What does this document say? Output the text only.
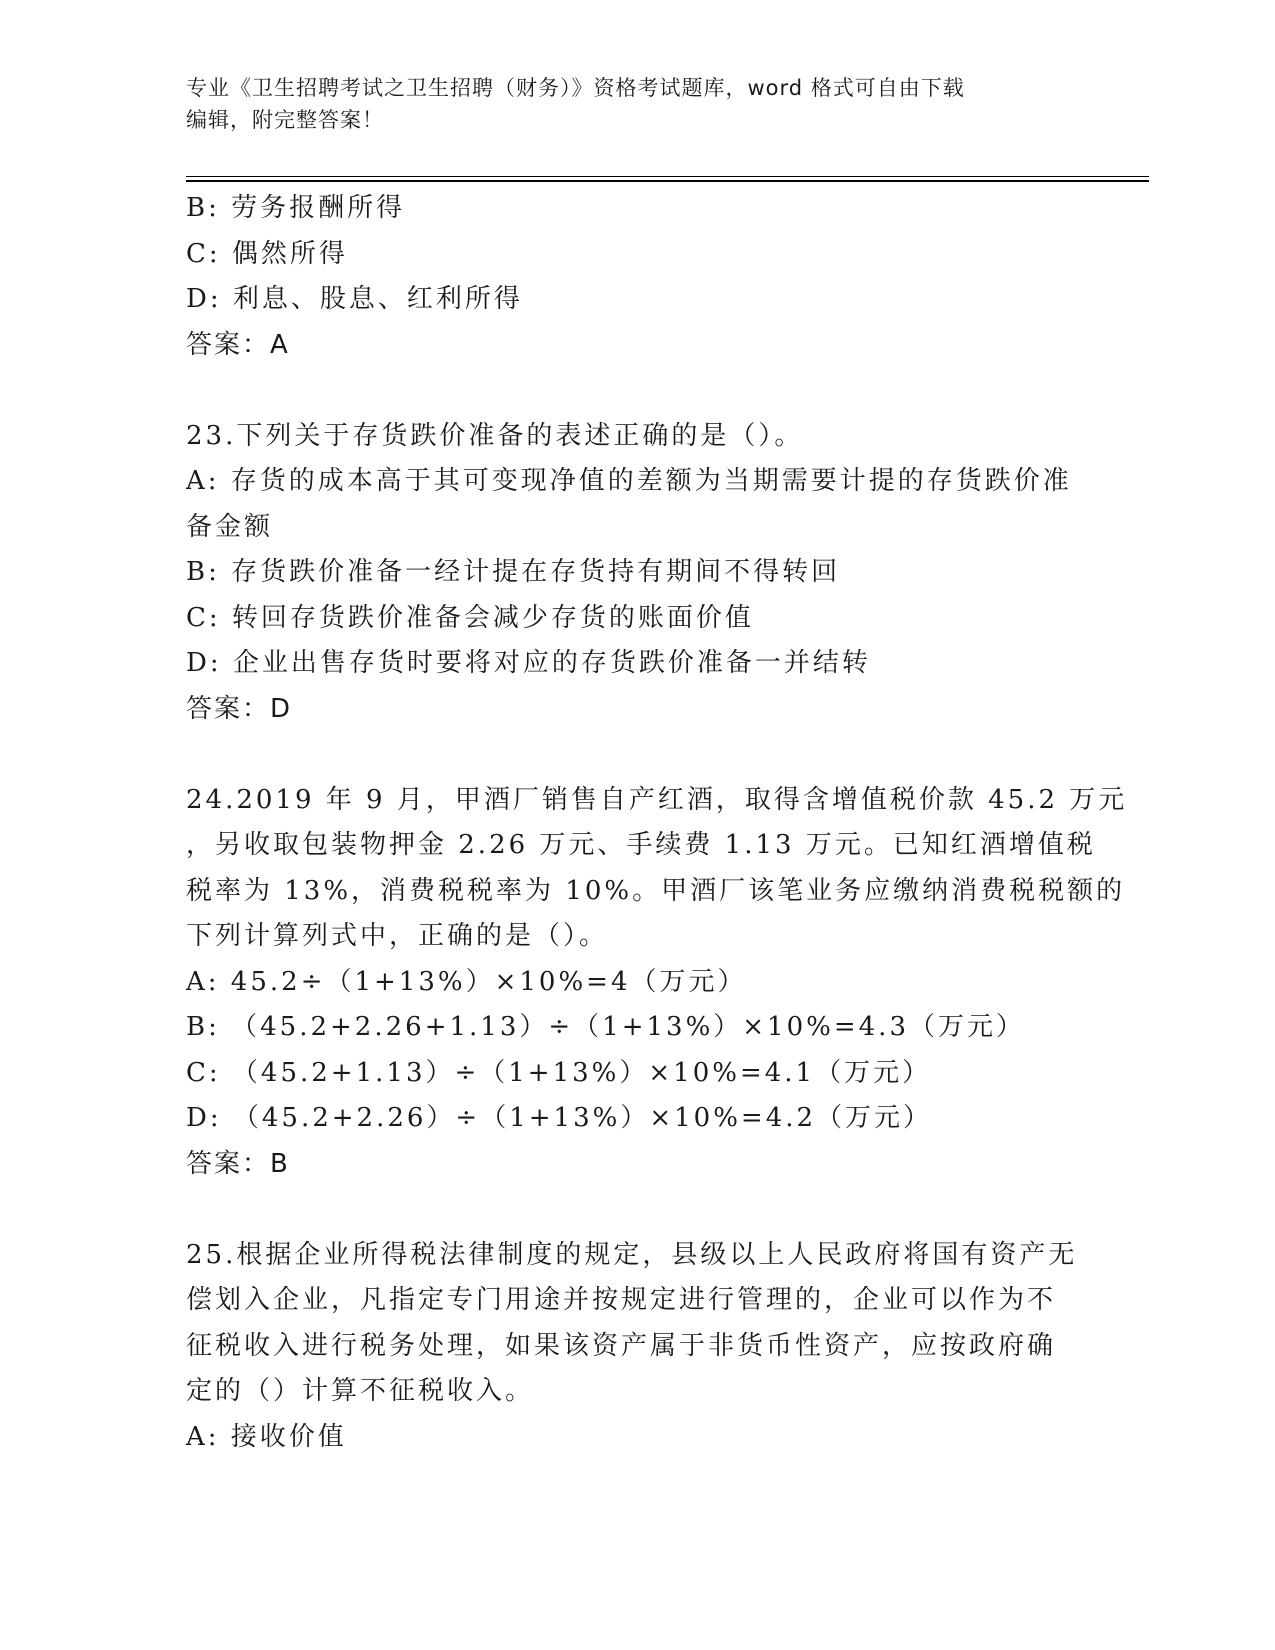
专业《卫生招聘考试之卫生招聘（财务）》资格考试题库，word 格式可自由下载
编辑，附完整答案！
B: 劳务报酬所得
C: 偶然所得
D: 利息、股息、红利所得
答案：A
23.下列关于存货跌价准备的表述正确的是（）。
A: 存货的成本高于其可变现净值的差额为当期需要计提的存货跌价准
备金额
B: 存货跌价准备一经计提在存货持有期间不得转回
C: 转回存货跌价准备会减少存货的账面价值
D: 企业出售存货时要将对应的存货跌价准备一并结转
答案：D
24.2019 年 9 月，甲酒厂销售自产红酒，取得含增值税价款 45.2 万元
，另收取包装物押金 2.26 万元、手续费 1.13 万元。已知红酒增值税
税率为 13%，消费税税率为 10%。甲酒厂该笔业务应缴纳消费税税额的
下列计算列式中，正确的是（）。
A: 45.2÷（1+13%）×10%=4（万元）
B: （45.2+2.26+1.13）÷（1+13%）×10%=4.3（万元）
C: （45.2+1.13）÷（1+13%）×10%=4.1（万元）
D: （45.2+2.26）÷（1+13%）×10%=4.2（万元）
答案：B
25.根据企业所得税法律制度的规定，县级以上人民政府将国有资产无
偿划入企业，凡指定专门用途并按规定进行管理的，企业可以作为不
征税收入进行税务处理，如果该资产属于非货币性资产，应按政府确
定的（）计算不征税收入。
A: 接收价值
